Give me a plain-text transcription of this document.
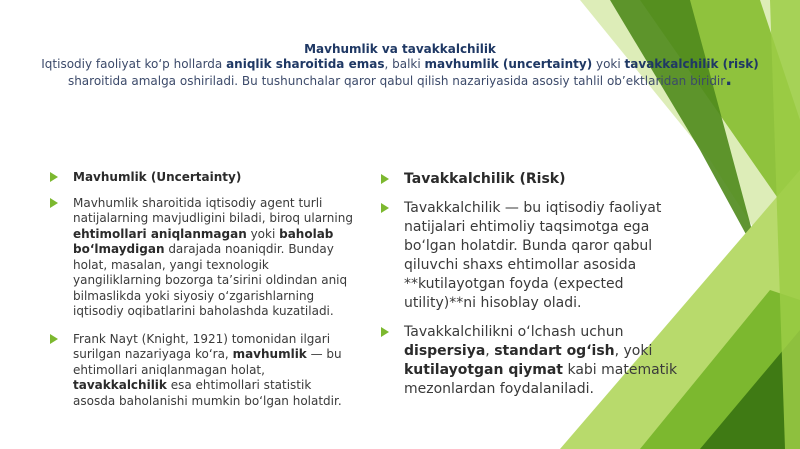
Mavhumlik va tavakkalchilik
Iqtisodiy faoliyat ko‘p hollarda aniqlik sharoitida emas, balki mavhumlik (uncertainty) yoki tavakkalchilik (risk) sharoitida amalga oshiriladi. Bu tushunchalar qaror qabul qilish nazariyasida asosiy tahlil ob’ektlaridan biridir.
Mavhumlik (Uncertainty)
Mavhumlik sharoitida iqtisodiy agent turli natijalarning mavjudligini biladi, biroq ularning ehtimollari aniqlanmagan yoki baholab bo‘lmaydigan darajada noaniqdir. Bunday holat, masalan, yangi texnologik yangiliklarning bozorga ta’sirini oldindan aniq bilmaslikda yoki siyosiy o‘zgarishlarning iqtisodiy oqibatlarini baholashda kuzatiladi.
Frank Nayt (Knight, 1921) tomonidan ilgari surilgan nazariyaga ko‘ra, mavhumlik — bu ehtimollari aniqlanmagan holat, tavakkalchilik esa ehtimollari statistik asosda baholanishi mumkin bo‘lgan holatdir.
Tavakkalchilik (Risk)
Tavakkalchilik — bu iqtisodiy faoliyat natijalari ehtimoliy taqsimotga ega bo‘lgan holatdir. Bunda qaror qabul qiluvchi shaxs ehtimollar asosida **kutilayotgan foyda (expected utility)**ni hisoblay oladi.
Tavakkalchilikni o‘lchash uchun dispersiya, standart og‘ish, yoki kutilayotgan qiymat kabi matematik mezonlardan foydalaniladi.
